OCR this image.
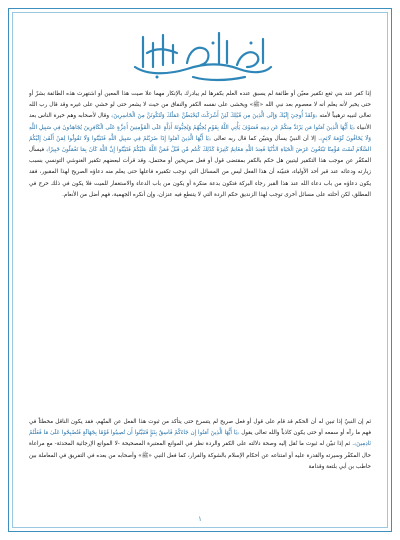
إذا كفر عند بني ثغع تكفير معيّن أو طائفة لم يسبق عنده العلم بكفرها لم يبادرك بالإنكار مهما علا صيت هذا المعين أو اشتهرت هذه الطائفة بشرّ أو حتى يخبر لأنه يعلم أنه لا معصوم بعد نبي الله «ﷺ» ويخشى على نفسه الكفر والنفاق من حيث لا يشعر حتى لو خشي على غيره وقد قال رب الله تعالى لنبيه ترهيباً لأمته ﴿وَلَقَدْ أُوحِيَ إِلَيْكَ وَإِلَى الَّذِينَ مِن قَبْلِكَ لَئِنْ أَشْرَكْتَ لَيَحْبَطَنَّ عَمَلُكَ وَلَتَكُونَنَّ مِنَ الْخَاسِرِينَ﴾ وقال لأصحابه وهم خيرة الناس بعد الأنبياء ﴿يَا أَيُّهَا الَّذِينَ آمَنُوا مَن يَرْتَدَّ مِنكُمْ عَن دِينِهِ فَسَوْفَ يَأْتِي اللَّهُ بِقَوْمٍ يُحِبُّهُمْ وَيُحِبُّونَهُ أَذِلَّةٍ عَلَى الْمُؤْمِنِينَ أَعِزَّةٍ عَلَى الْكَافِرِينَ يُجَاهِدُونَ فِي سَبِيلِ اللَّهِ وَلَا يَخَافُونَ لَوْمَةَ لَائِمٍ﴾. إلا أن النبيّ يسأل ويتبيّن كما قال ربه تعالى ﴿يَا أَيُّهَا الَّذِينَ آمَنُوا إِذَا ضَرَبْتُمْ فِي سَبِيلِ اللَّهِ فَتَبَيَّنُوا وَلَا تَقُولُوا لِمَنْ أَلْقَىٰ إِلَيْكُمُ السَّلَامَ لَسْتَ مُؤْمِنًا تَبْتَغُونَ عَرَضَ الْحَيَاةِ الدُّنْيَا فَعِندَ اللَّهِ مَغَانِمُ كَثِيرَةٌ كَذَٰلِكَ كُنتُم مِّن قَبْلُ فَمَنَّ اللَّهُ عَلَيْكُمْ فَتَبَيَّنُوا إِنَّ اللَّهَ كَانَ بِمَا تَعْمَلُونَ خَبِيرًا﴾ فيسأل المكفّر عن موجب هذا التكفير ليتبين هل حكم بالكفر بمقتضى قول أو فعل صريحين أو محتمل، وقد قرأت لبعضهم تكفير الغنوشي التونسي بسبب زيارته ودعائه عند قبر أحد الأولياء، فتبيّنه أن هذا الفعل ليس من المسائل التي توجب تكفيره فاعلها حتى يعلم منه دعاؤه الصريح لهذا المقبور، فقد يكون دعاؤه من باب دعاء الله عند هذا القبر رجاء البركة فتكون بدعة منكرة أو يكون من باب الدعاء والاستغفار للميت فلا يكون في ذلك حرج في المطلق، لكن أحلته على مسائل أخرى توجب لهذا الزنديق حكم الردة التي لا يتنطع فيه عنزان، وإن أنكره الجهمية، فهم أضل من الأنعام.

ثم إن النبيّ إذا تبين له أن الحكم قد قام على قول أو فعل صريح لم يتسرع حتى يتأكد من ثبوت هذا الفعل عن المتّهم، فقد يكون الناقل مخطئاً في فهم ما رآه أو سمعه أو حتى يكون كاذباً والله تعالى يقول ﴿يَا أَيُّهَا الَّذِينَ آمَنُوا إِن جَاءَكُمْ فَاسِقٌ بِنَبَإٍ فَتَبَيَّنُوا أَن تُصِيبُوا قَوْمًا بِجَهَالَةٍ فَتُصْبِحُوا عَلَىٰ مَا فَعَلْتُمْ نَادِمِينَ﴾. ثم إذا تبيّن له ثبوت ما نُقل إليه وصحة دلالته على الكفر والردة نظر في الموانع المعتبرة المصحيحة -لا الموانع الإرجائية المحدثة- مع مراعاة حال المكفّر وسيرته والقدرة عليه أو امتناعه عن أحكام الإسلام بالشوكة والفرار، كما فعل النبي «ﷺ» وأصحابه من بعده في التفريق في المعاملة بين حاطب بن أبي بلتعة وقدامة

١
